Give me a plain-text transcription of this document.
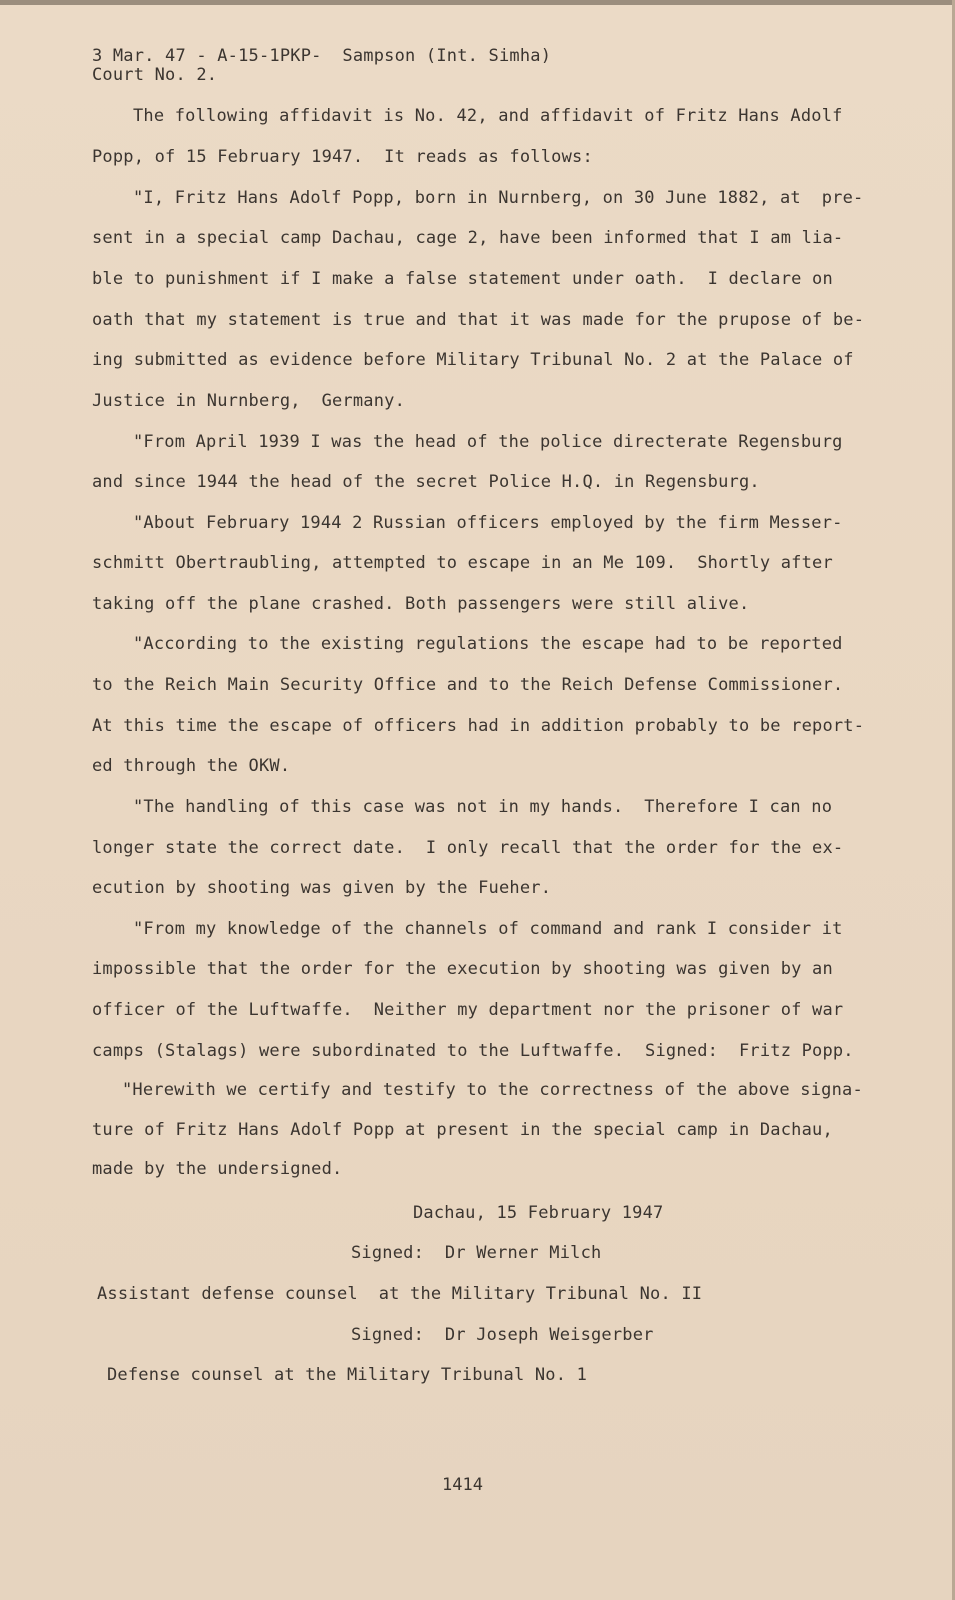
3 Mar. 47 - A-15-1PKP-  Sampson (Int. Simha)
Court No. 2.
The following affidavit is No. 42, and affidavit of Fritz Hans Adolf
Popp, of 15 February 1947.  It reads as follows:
"I, Fritz Hans Adolf Popp, born in Nurnberg, on 30 June 1882, at  pre-
sent in a special camp Dachau, cage 2, have been informed that I am lia-
ble to punishment if I make a false statement under oath.  I declare on
oath that my statement is true and that it was made for the prupose of be-
ing submitted as evidence before Military Tribunal No. 2 at the Palace of
Justice in Nurnberg,  Germany.
"From April 1939 I was the head of the police directerate Regensburg
and since 1944 the head of the secret Police H.Q. in Regensburg.
"About February 1944 2 Russian officers employed by the firm Messer-
schmitt Obertraubling, attempted to escape in an Me 109.  Shortly after
taking off the plane crashed. Both passengers were still alive.
"According to the existing regulations the escape had to be reported
to the Reich Main Security Office and to the Reich Defense Commissioner.
At this time the escape of officers had in addition probably to be report-
ed through the OKW.
"The handling of this case was not in my hands.  Therefore I can no
longer state the correct date.  I only recall that the order for the ex-
ecution by shooting was given by the Fueher.
"From my knowledge of the channels of command and rank I consider it
impossible that the order for the execution by shooting was given by an
officer of the Luftwaffe.  Neither my department nor the prisoner of war
camps (Stalags) were subordinated to the Luftwaffe.  Signed:  Fritz Popp.
"Herewith we certify and testify to the correctness of the above signa-
ture of Fritz Hans Adolf Popp at present in the special camp in Dachau,
made by the undersigned.
Dachau, 15 February 1947
Signed:  Dr Werner Milch
Assistant defense counsel  at the Military Tribunal No. II
Signed:  Dr Joseph Weisgerber
Defense counsel at the Military Tribunal No. 1
1414
